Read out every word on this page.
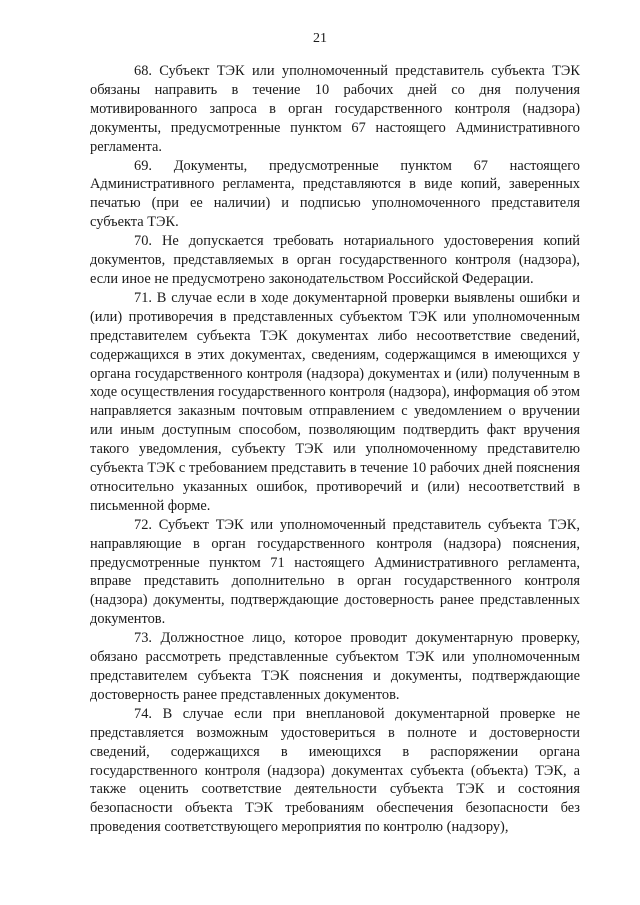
21

68. Субъект ТЭК или уполномоченный представитель субъекта ТЭК обязаны направить в течение 10 рабочих дней со дня получения мотивированного запроса в орган государственного контроля (надзора) документы, предусмотренные пунктом 67 настоящего Административного регламента.

69. Документы, предусмотренные пунктом 67 настоящего Административного регламента, представляются в виде копий, заверенных печатью (при ее наличии) и подписью уполномоченного представителя субъекта ТЭК.

70. Не допускается требовать нотариального удостоверения копий документов, представляемых в орган государственного контроля (надзора), если иное не предусмотрено законодательством Российской Федерации.

71. В случае если в ходе документарной проверки выявлены ошибки и (или) противоречия в представленных субъектом ТЭК или уполномоченным представителем субъекта ТЭК документах либо несоответствие сведений, содержащихся в этих документах, сведениям, содержащимся в имеющихся у органа государственного контроля (надзора) документах и (или) полученным в ходе осуществления государственного контроля (надзора), информация об этом направляется заказным почтовым отправлением с уведомлением о вручении или иным доступным способом, позволяющим подтвердить факт вручения такого уведомления, субъекту ТЭК или уполномоченному представителю субъекта ТЭК с требованием представить в течение 10 рабочих дней пояснения относительно указанных ошибок, противоречий и (или) несоответствий в письменной форме.

72. Субъект ТЭК или уполномоченный представитель субъекта ТЭК, направляющие в орган государственного контроля (надзора) пояснения, предусмотренные пунктом 71 настоящего Административного регламента, вправе представить дополнительно в орган государственного контроля (надзора) документы, подтверждающие достоверность ранее представленных документов.

73. Должностное лицо, которое проводит документарную проверку, обязано рассмотреть представленные субъектом ТЭК или уполномоченным представителем субъекта ТЭК пояснения и документы, подтверждающие достоверность ранее представленных документов.

74. В случае если при внеплановой документарной проверке не представляется возможным удостовериться в полноте и достоверности сведений, содержащихся в имеющихся в распоряжении органа государственного контроля (надзора) документах субъекта (объекта) ТЭК, а также оценить соответствие деятельности субъекта ТЭК и состояния безопасности объекта ТЭК требованиям обеспечения безопасности без проведения соответствующего мероприятия по контролю (надзору),
